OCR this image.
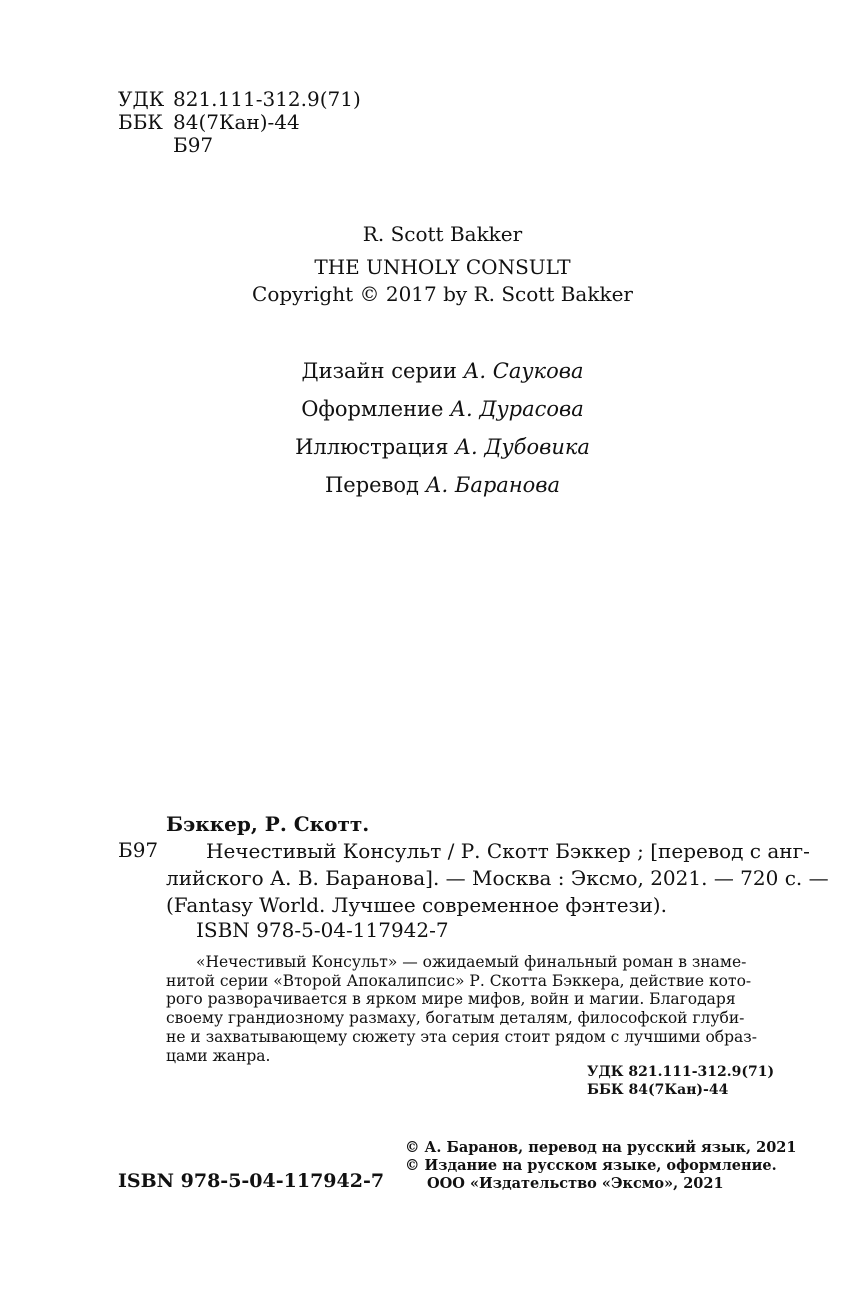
УДК 821.111-312.9(71)
ББК 84(7Кан)-44
Б97
R. Scott Bakker
THE UNHOLY CONSULT
Copyright © 2017 by R. Scott Bakker
Дизайн серии А. Саукова
Оформление А. Дурасова
Иллюстрация А. Дубовика
Перевод А. Баранова
Бэккер, Р. Скотт.
Б97	Нечестивый Консульт / Р. Скотт Бэккер ; [перевод с анг-
лийского А. В. Баранова]. — Москва : Эксмо, 2021. — 720 с. —
(Fantasy World. Лучшее современное фэнтези).
ISBN 978-5-04-117942-7
«Нечестивый Консульт» — ожидаемый финальный роман в знаме-
нитой серии «Второй Апокалипсис» Р. Скотта Бэккера, действие кото-
рого разворачивается в ярком мире мифов, войн и магии. Благодаря
своему грандиозному размаху, богатым деталям, философской глуби-
не и захватывающему сюжету эта серия стоит рядом с лучшими образ-
цами жанра.
УДК 821.111-312.9(71)
ББК 84(7Кан)-44
© А. Баранов, перевод на русский язык, 2021
© Издание на русском языке, оформление.
ООО «Издательство «Эксмо», 2021
ISBN 978-5-04-117942-7
